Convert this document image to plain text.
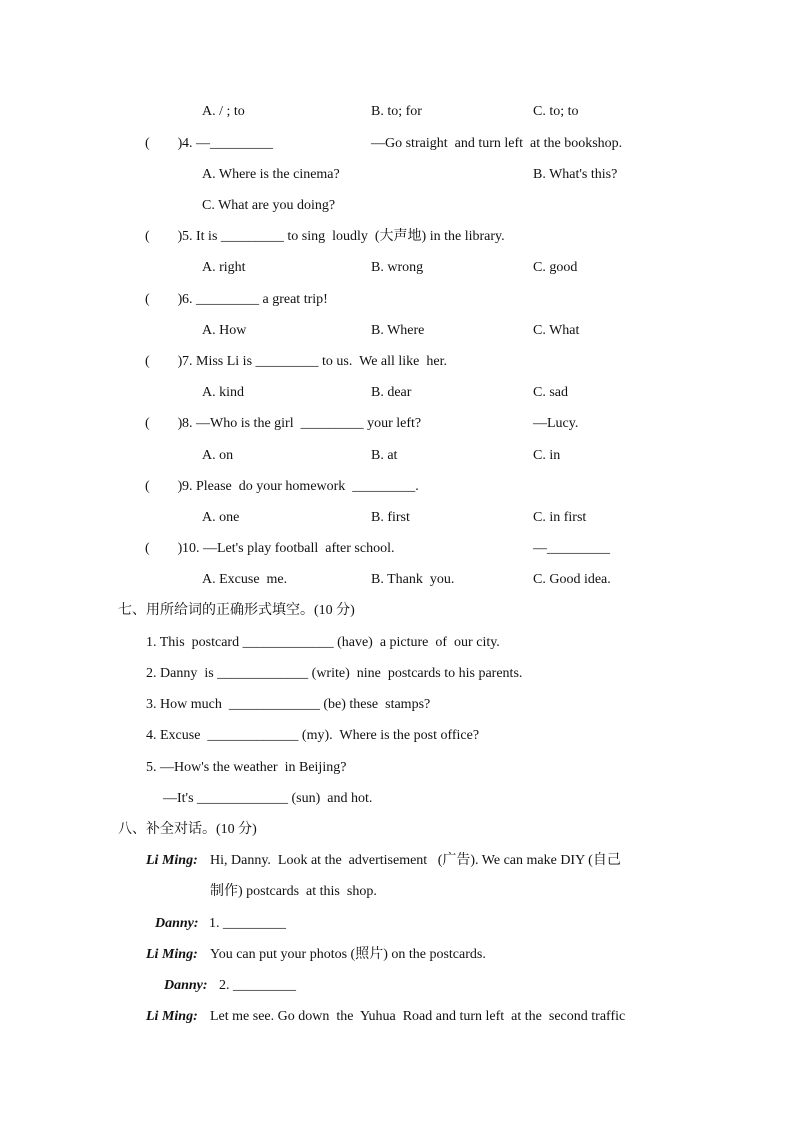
A. / ; to	B. to; for	C. to; to
(        ) 4. —_________	—Go straight  and turn left  at the bookshop.
A. Where is the cinema?	B. What's this?
C. What are you doing?
(        ) 5. It is _________ to sing  loudly  (大声地) in the library.
A. right	B. wrong	C. good
(        ) 6. _________ a great trip!
A. How	B. Where	C. What
(        ) 7. Miss Li is _________ to us.  We all like  her.
A. kind	B. dear	C. sad
(        ) 8. —Who is the girl  _________ your left?	—Lucy.
A. on	B. at	C. in
(        ) 9. Please  do your homework  _________.
A. one	B. first	C. in first
(        ) 10. —Let's play football  after school.	—_________
A. Excuse  me.	B. Thank  you.	C. Good idea.
七、用所给词的正确形式填空。(10 分)
1. This  postcard _____________ (have)  a picture  of  our city.
2. Danny  is _____________ (write)  nine  postcards to his parents.
3. How much  _____________ (be) these  stamps?
4. Excuse  _____________ (my).  Where is the post office?
5. —How's the weather  in Beijing?
—It's _____________ (sun)  and hot.
八、补全对话。(10 分)
Li Ming: Hi, Danny.  Look at the  advertisement   (广告). We can make DIY (自己
制作) postcards  at this  shop.
Danny: 1. _________
Li Ming: You can put your photos (照片) on the postcards.
Danny: 2. _________
Li Ming: Let me see. Go down  the  Yuhua  Road and turn left  at the  second traffic
